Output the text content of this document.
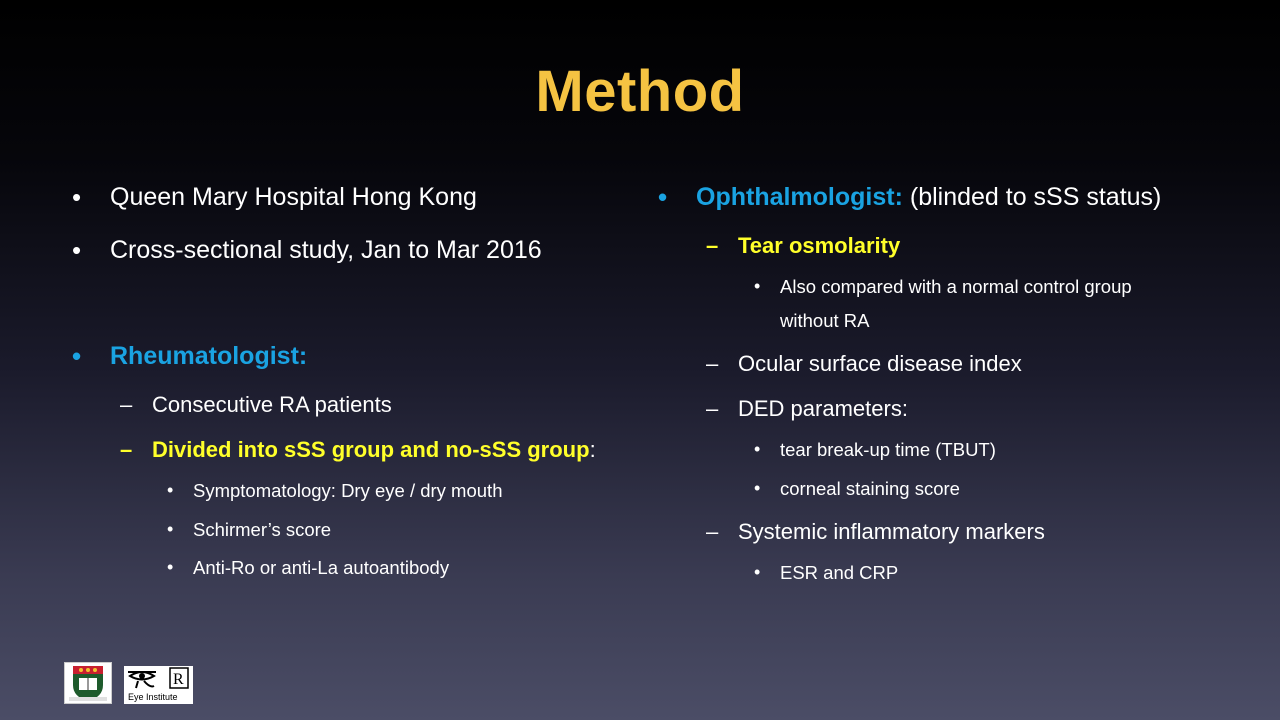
Method
• Queen Mary Hospital Hong Kong
• Cross-sectional study, Jan to Mar 2016
• Rheumatologist:
– Consecutive RA patients
– Divided into sSS group and no-sSS group:
• Symptomatology: Dry eye / dry mouth
• Schirmer’s score
• Anti-Ro or anti-La autoantibody
• Ophthalmologist: (blinded to sSS status)
– Tear osmolarity
• Also compared with a normal control group
without RA
– Ocular surface disease index
– DED parameters:
• tear break-up time (TBUT)
• corneal staining score
– Systemic inflammatory markers
• ESR and CRP
R
Eye Institute
